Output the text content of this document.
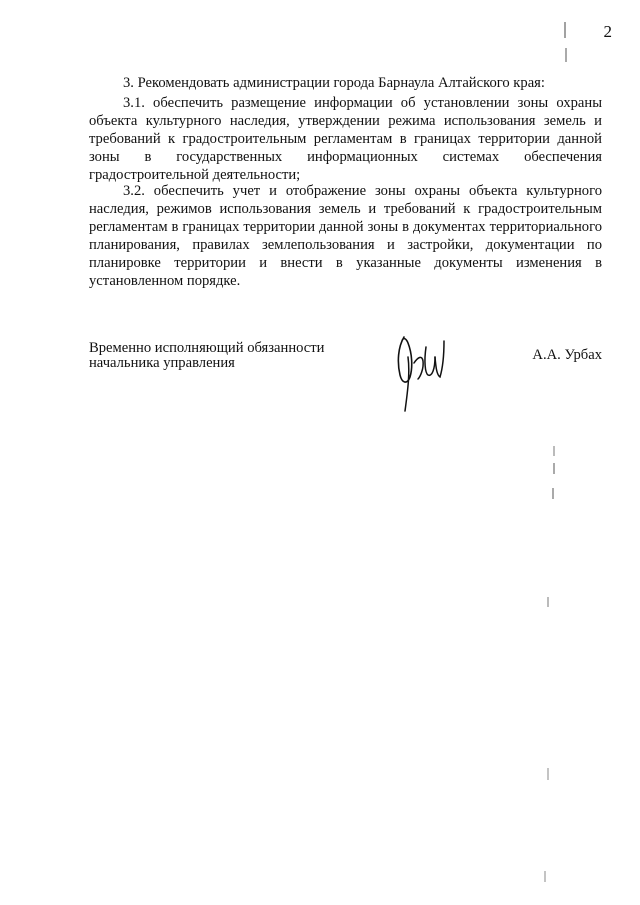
2

3. Рекомендовать администрации города Барнаула Алтайского края:

3.1. обеспечить размещение информации об установлении зоны охраны объекта культурного наследия, утверждении режима использования земель и требований к градостроительным регламентам в границах территории данной зоны в государственных информационных системах обеспечения градостроительной деятельности;

3.2. обеспечить учет и отображение зоны охраны объекта культурного наследия, режимов использования земель и требований к градостроительным регламентам в границах территории данной зоны в документах территориального планирования, правилах землепользования и застройки, документации по планировке территории и внести в указанные документы изменения в установленном порядке.

Временно исполняющий обязанности
начальника управления	А.А. Урбах
